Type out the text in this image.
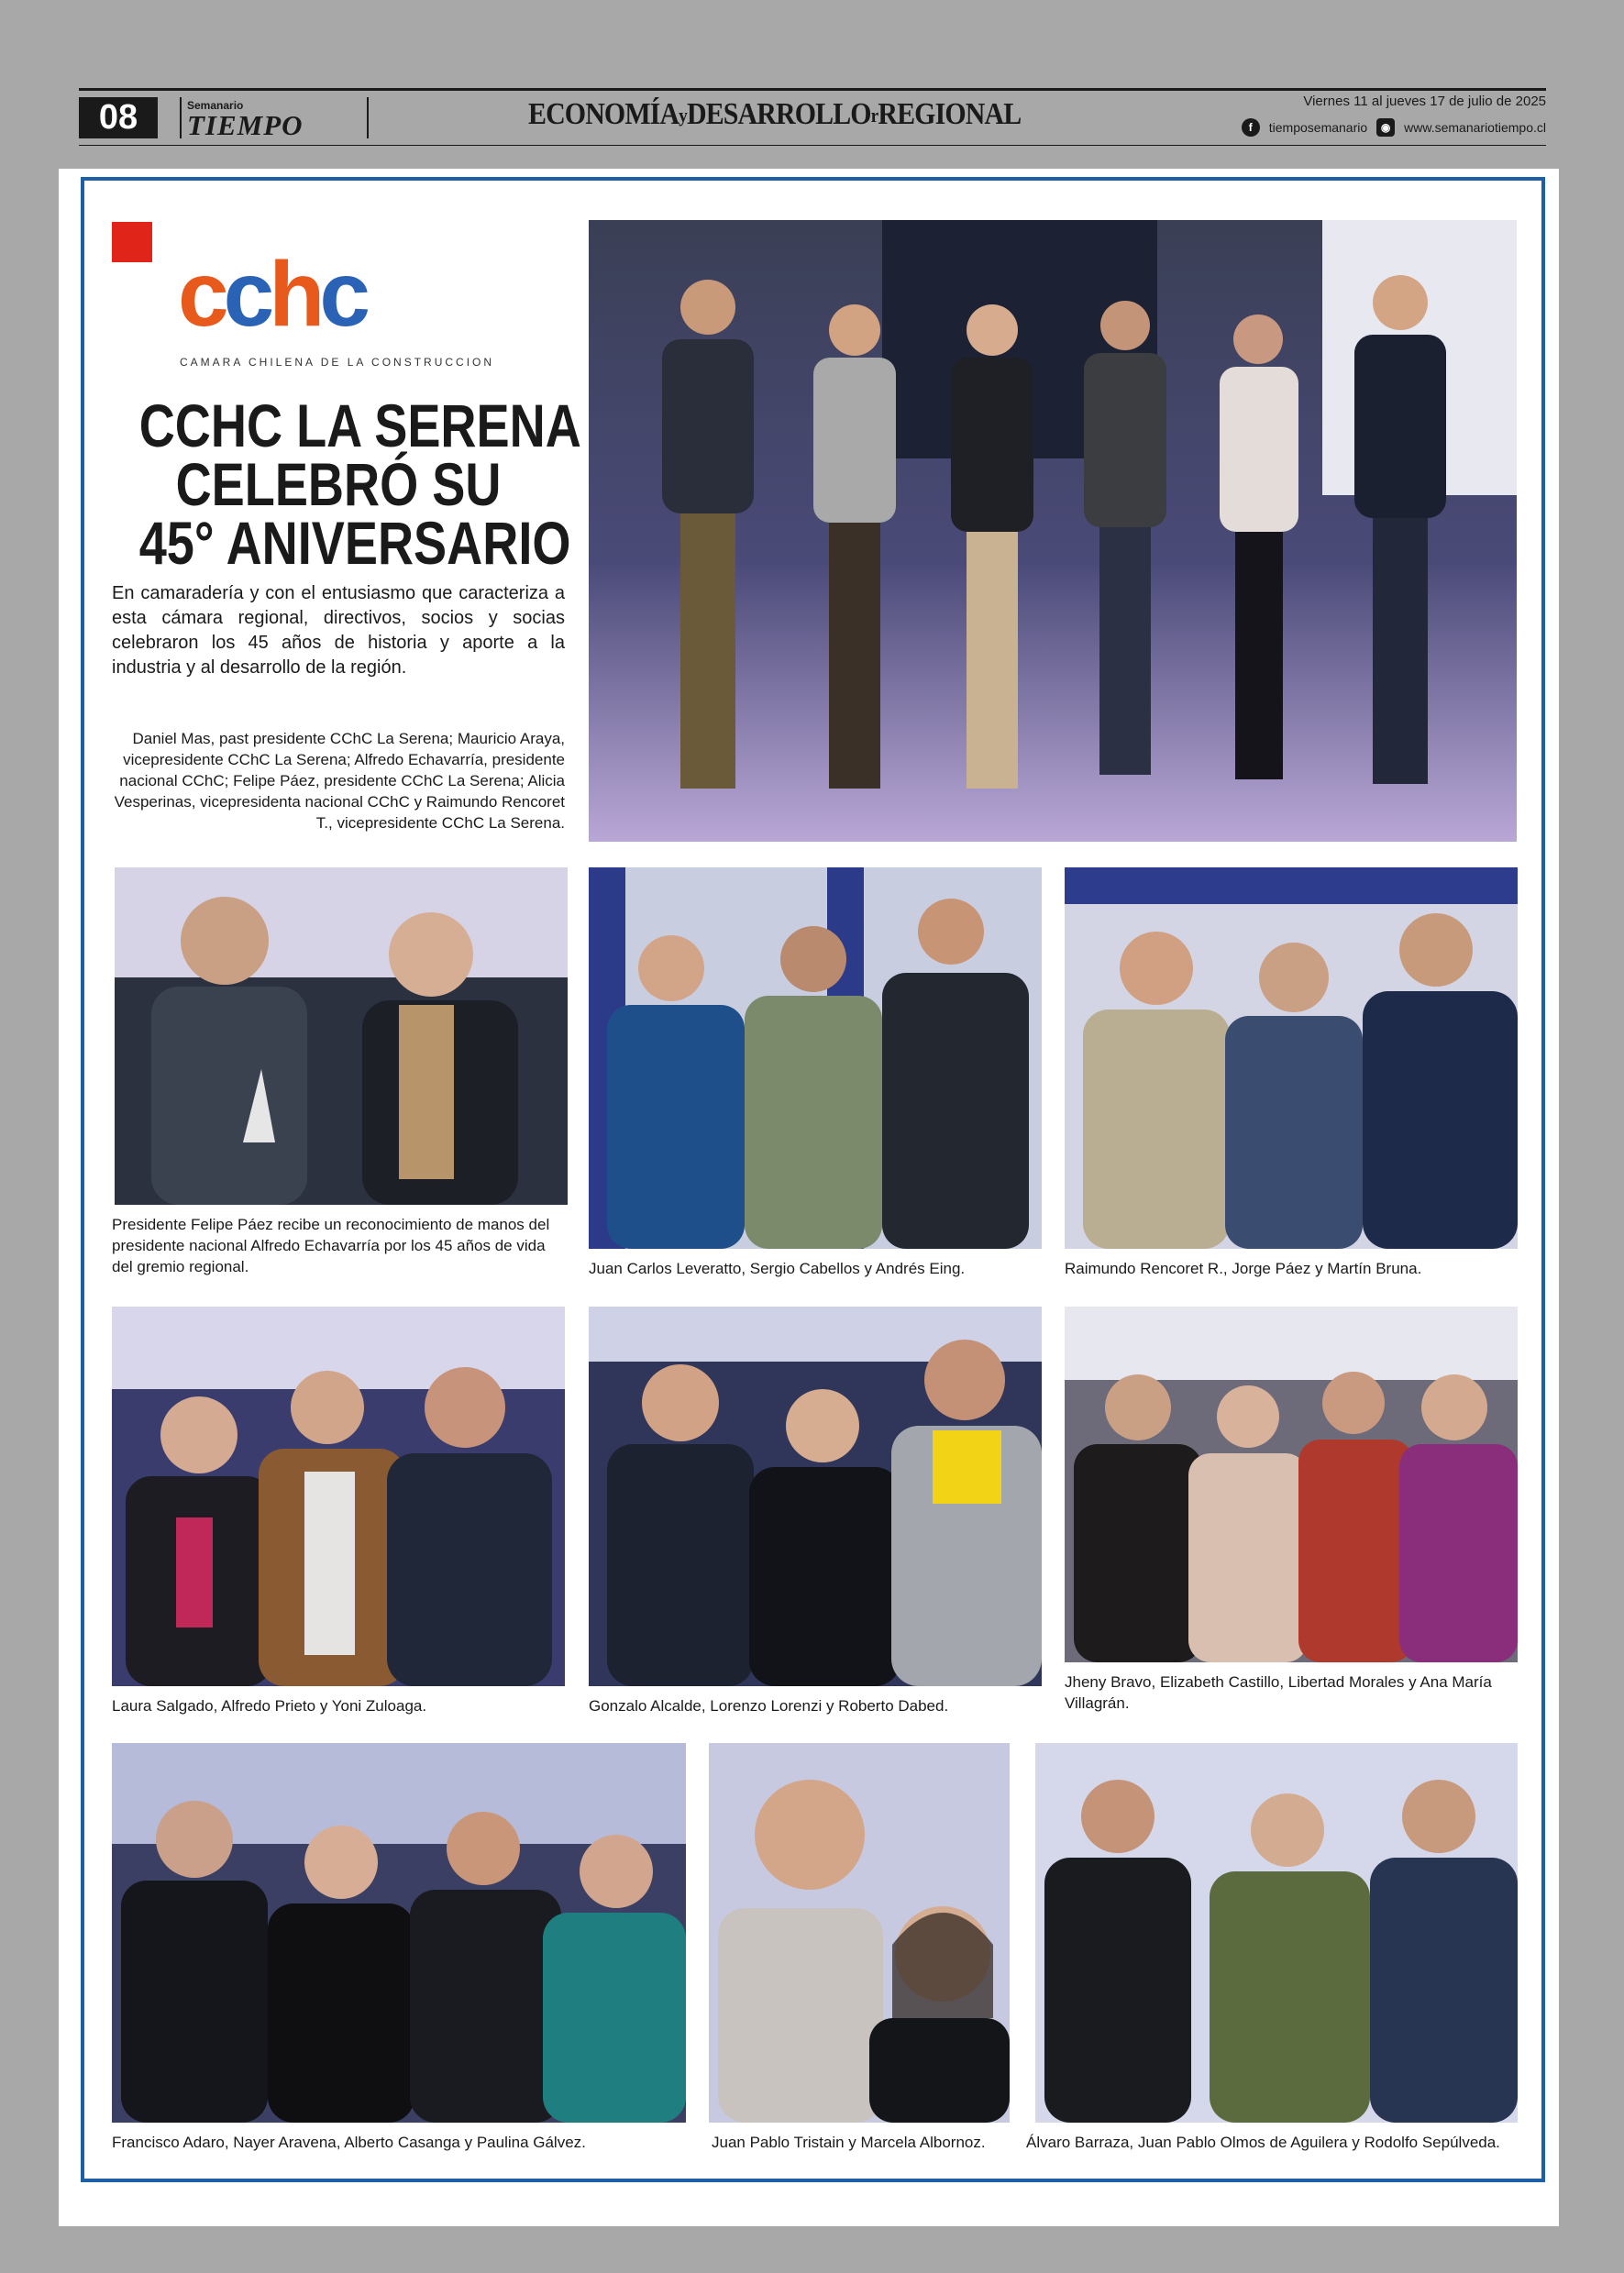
08	Semanario
TIEMPO	ECONOMÍAyDESARROLLOrREGIONAL	Viernes 11 al jueves 17 de julio de 2025
f	tiemposemanario	◉	www.semanariotiempo.cl
cchc
CAMARA CHILENA DE LA CONSTRUCCION
CCHC LA SERENA
CELEBRÓ SU
45° ANIVERSARIO
En camaradería y con el entusiasmo que caracteriza a esta cámara regional, directivos, socios y socias celebraron los 45 años de historia y aporte a la industria y al desarrollo de la región.
Daniel Mas, past presidente CChC La Serena; Mauricio Araya, vicepresidente CChC La Serena; Alfredo Echavarría, presidente nacional CChC; Felipe Páez, presidente CChC La Serena; Alicia Vesperinas, vicepresidenta nacional CChC y Raimundo Rencoret T., vicepresidente CChC La Serena.
Presidente Felipe Páez recibe un reconocimiento de manos del presidente nacional Alfredo Echavarría por los 45 años de vida del gremio regional.	Juan Carlos Leveratto, Sergio Cabellos y Andrés Eing.	Raimundo Rencoret R., Jorge Páez y Martín Bruna.
Laura Salgado, Alfredo Prieto y Yoni Zuloaga.	Gonzalo Alcalde, Lorenzo Lorenzi y Roberto Dabed.
Jheny Bravo, Elizabeth Castillo, Libertad Morales y Ana María Villagrán.
Francisco Adaro, Nayer Aravena, Alberto Casanga y Paulina Gálvez.	Juan Pablo Tristain y Marcela Albornoz.	Álvaro Barraza, Juan Pablo Olmos de Aguilera y Rodolfo Sepúlveda.
